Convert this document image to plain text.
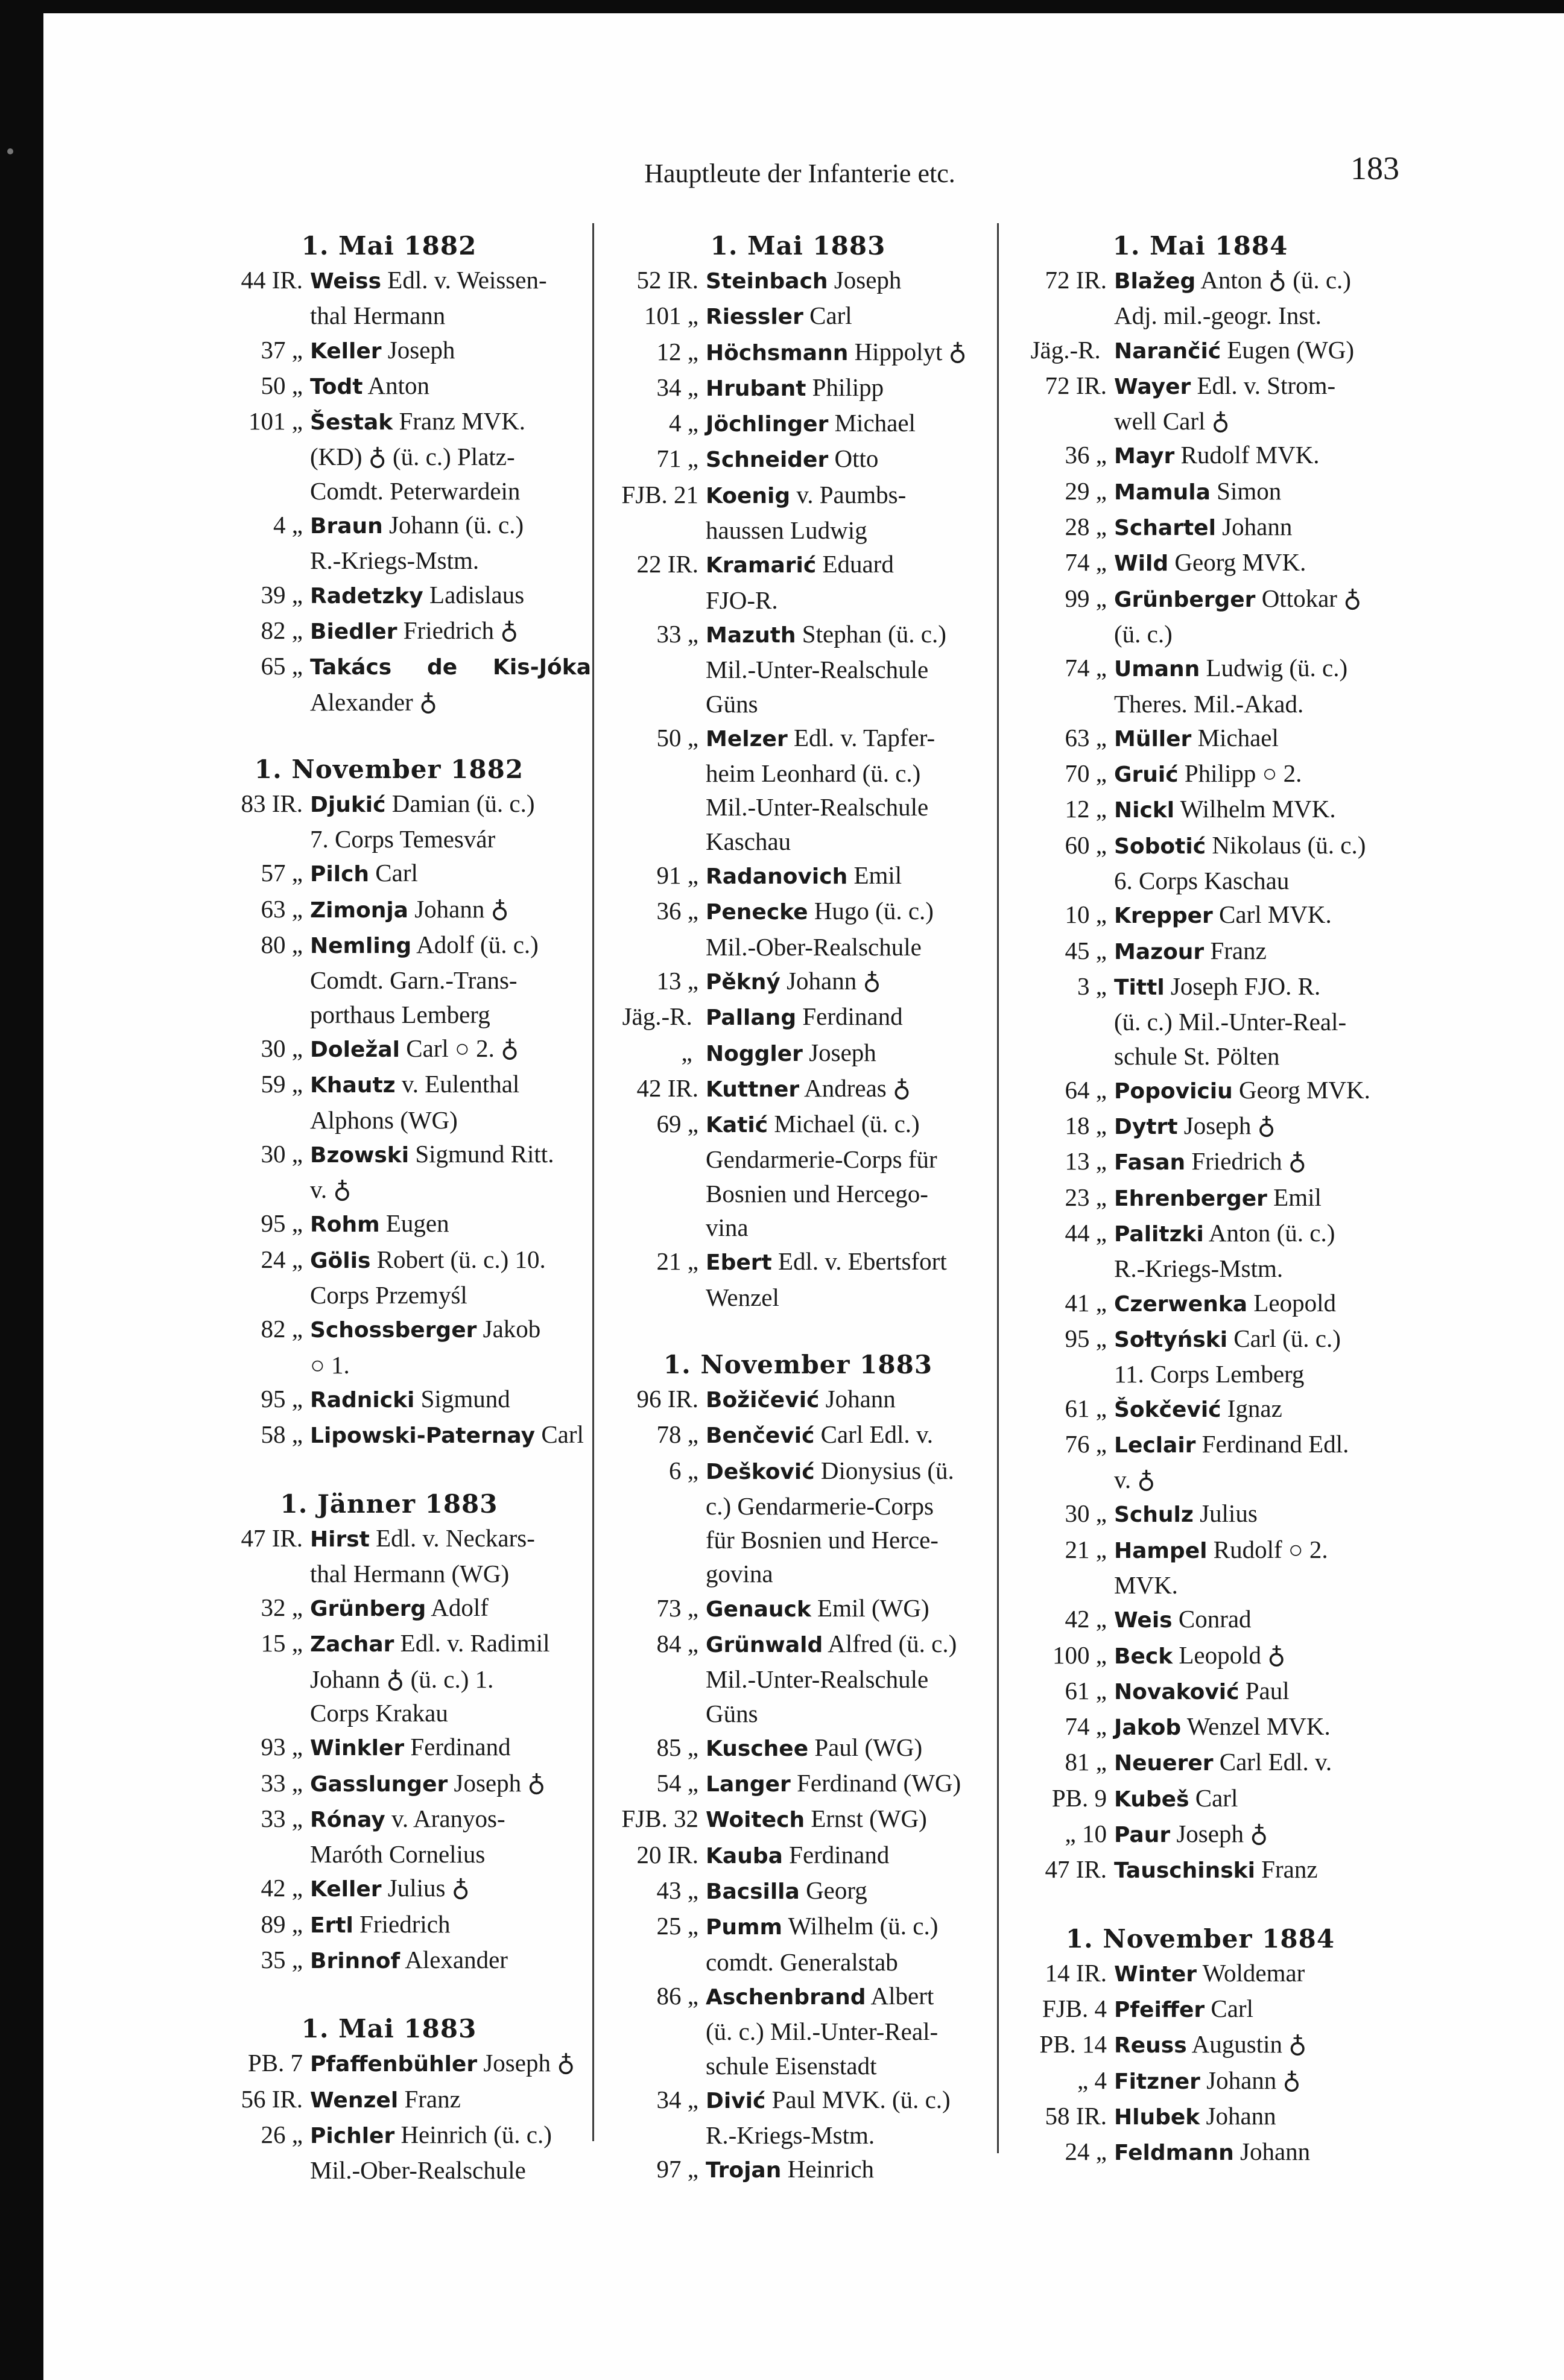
Hauptleute der Infanterie etc.	183
1. Mai 1882
44 IR. Weiss Edl. v. Weissen-
thal Hermann
37 „ Keller Joseph
50 „ Todt Anton
101 „ Šestak Franz MVK.
(KD) ♁ (ü. c.) Platz-
Comdt. Peterwardein
4 „ Braun Johann (ü. c.)
R.-Kriegs-Mstm.
39 „ Radetzky Ladislaus
82 „ Biedler Friedrich ♁
65 „ Takács de Kis-Jóka Alexander ♁
1. November 1882
83 IR. Djukić Damian (ü. c.)
7. Corps Temesvár
57 „ Pilch Carl
63 „ Zimonja Johann ♁
80 „ Nemling Adolf (ü. c.)
Comdt. Garn.-Trans-
porthaus Lemberg
30 „ Doležal Carl ○ 2. ♁
59 „ Khautz v. Eulenthal
Alphons (WG)
30 „ Bzowski Sigmund Ritt.
v. ♁
95 „ Rohm Eugen
24 „ Gölis Robert (ü. c.) 10.
Corps Przemyśl
82 „ Schossberger Jakob
○ 1.
95 „ Radnicki Sigmund
58 „ Lipowski-Paternay Carl
1. Jänner 1883
47 IR. Hirst Edl. v. Neckars-
thal Hermann (WG)
32 „ Grünberg Adolf
15 „ Zachar Edl. v. Radimil
Johann ♁ (ü. c.) 1.
Corps Krakau
93 „ Winkler Ferdinand
33 „ Gasslunger Joseph ♁
33 „ Rónay v. Aranyos-
Maróth Cornelius
42 „ Keller Julius ♁
89 „ Ertl Friedrich
35 „ Brinnof Alexander
1. Mai 1883
PB. 7 Pfaffenbühler Joseph ♁
56 IR. Wenzel Franz
26 „ Pichler Heinrich (ü. c.)
Mil.-Ober-Realschule
1. Mai 1883
52 IR. Steinbach Joseph
101 „ Riessler Carl
12 „ Höchsmann Hippolyt ♁
34 „ Hrubant Philipp
4 „ Jöchlinger Michael
71 „ Schneider Otto
FJB. 21 Koenig v. Paumbs-
haussen Ludwig
22 IR. Kramarić Eduard
FJO-R.
33 „ Mazuth Stephan (ü. c.)
Mil.-Unter-Realschule
Güns
50 „ Melzer Edl. v. Tapfer-
heim Leonhard (ü. c.)
Mil.-Unter-Realschule
Kaschau
91 „ Radanovich Emil
36 „ Penecke Hugo (ü. c.)
Mil.-Ober-Realschule
13 „ Pěkný Johann ♁
Jäg.-R. Pallang Ferdinand
„ Noggler Joseph
42 IR. Kuttner Andreas ♁
69 „ Katić Michael (ü. c.)
Gendarmerie-Corps für
Bosnien und Hercego-
vina
21 „ Ebert Edl. v. Ebertsfort
Wenzel
1. November 1883
96 IR. Božičević Johann
78 „ Benčević Carl Edl. v.
6 „ Dešković Dionysius (ü.
c.) Gendarmerie-Corps
für Bosnien und Herce-
govina
73 „ Genauck Emil (WG)
84 „ Grünwald Alfred (ü. c.)
Mil.-Unter-Realschule
Güns
85 „ Kuschee Paul (WG)
54 „ Langer Ferdinand (WG)
FJB. 32 Woitech Ernst (WG)
20 IR. Kauba Ferdinand
43 „ Bacsilla Georg
25 „ Pumm Wilhelm (ü. c.)
comdt. Generalstab
86 „ Aschenbrand Albert
(ü. c.) Mil.-Unter-Real-
schule Eisenstadt
34 „ Divić Paul MVK. (ü. c.)
R.-Kriegs-Mstm.
97 „ Trojan Heinrich
1. Mai 1884
72 IR. Blažeg Anton ♁ (ü. c.)
Adj. mil.-geogr. Inst.
Jäg.-R. Narančić Eugen (WG)
72 IR. Wayer Edl. v. Strom-
well Carl ♁
36 „ Mayr Rudolf MVK.
29 „ Mamula Simon
28 „ Schartel Johann
74 „ Wild Georg MVK.
99 „ Grünberger Ottokar ♁
(ü. c.)
74 „ Umann Ludwig (ü. c.)
Theres. Mil.-Akad.
63 „ Müller Michael
70 „ Gruić Philipp ○ 2.
12 „ Nickl Wilhelm MVK.
60 „ Sobotić Nikolaus (ü. c.)
6. Corps Kaschau
10 „ Krepper Carl MVK.
45 „ Mazour Franz
3 „ Tittl Joseph FJO. R.
(ü. c.) Mil.-Unter-Real-
schule St. Pölten
64 „ Popoviciu Georg MVK.
18 „ Dytrt Joseph ♁
13 „ Fasan Friedrich ♁
23 „ Ehrenberger Emil
44 „ Palitzki Anton (ü. c.)
R.-Kriegs-Mstm.
41 „ Czerwenka Leopold
95 „ Sołtyński Carl (ü. c.)
11. Corps Lemberg
61 „ Šokčević Ignaz
76 „ Leclair Ferdinand Edl.
v. ♁
30 „ Schulz Julius
21 „ Hampel Rudolf ○ 2.
MVK.
42 „ Weis Conrad
100 „ Beck Leopold ♁
61 „ Novaković Paul
74 „ Jakob Wenzel MVK.
81 „ Neuerer Carl Edl. v.
PB. 9 Kubeš Carl
„ 10 Paur Joseph ♁
47 IR. Tauschinski Franz
1. November 1884
14 IR. Winter Woldemar
FJB. 4 Pfeiffer Carl
PB. 14 Reuss Augustin ♁
„ 4 Fitzner Johann ♁
58 IR. Hlubek Johann
24 „ Feldmann Johann
